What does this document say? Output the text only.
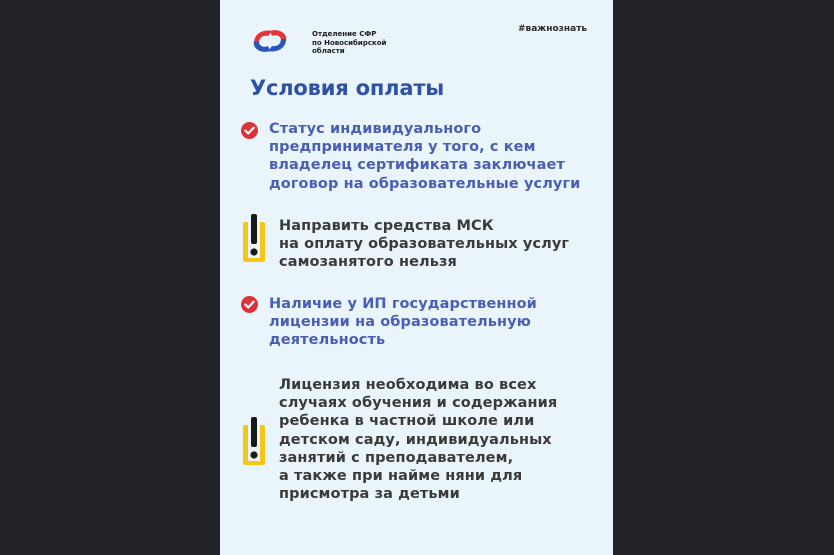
Отделение СФР
по Новосибирской
области
#важнознать
Условия оплаты
Статус индивидуального
предпринимателя у того, с кем
владелец сертификата заключает
договор на образовательные услуги
Направить средства МСК
на оплату образовательных услуг
самозанятого нельзя
Наличие у ИП государственной
лицензии на образовательную
деятельность
Лицензия необходима во всех
случаях обучения и содержания
ребенка в частной школе или
детском саду, индивидуальных
занятий с преподавателем,
а также при найме няни для
присмотра за детьми
